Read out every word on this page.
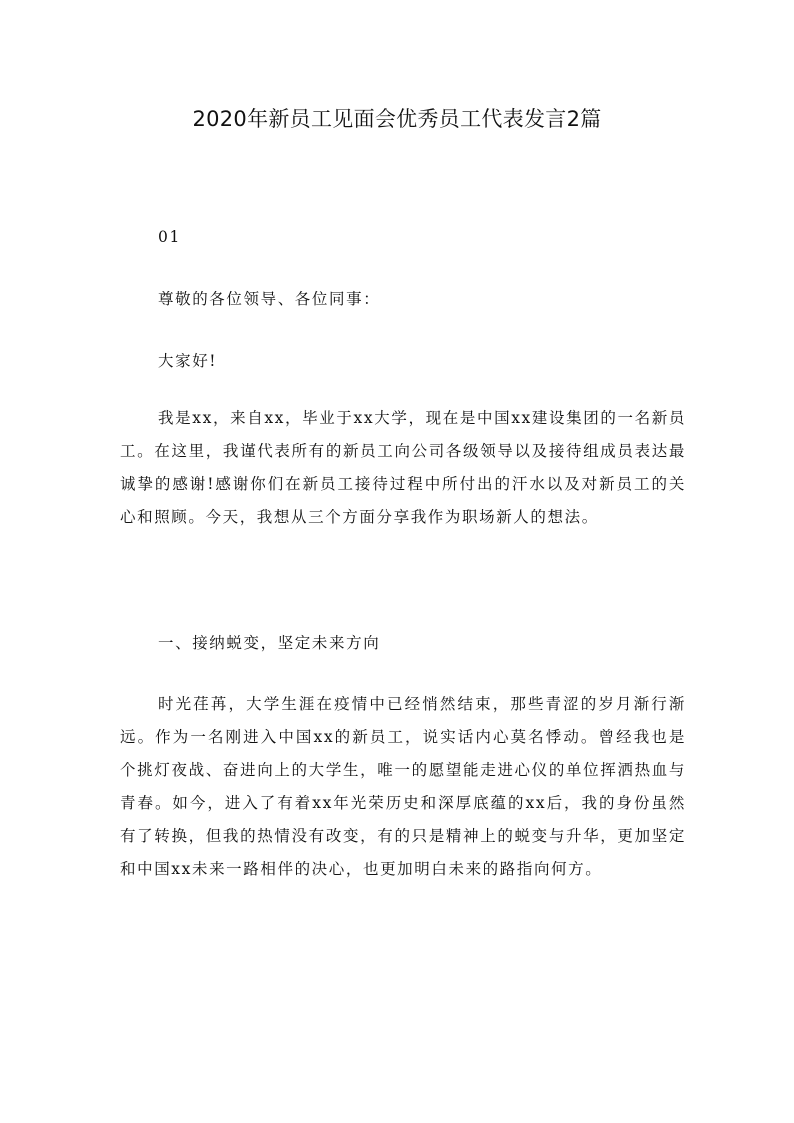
2020年新员工见面会优秀员工代表发言2篇

01

尊敬的各位领导、各位同事：

大家好!

我是xx，来自xx，毕业于xx大学，现在是中国xx建设集团的一名新员工。在这里，我谨代表所有的新员工向公司各级领导以及接待组成员表达最诚挚的感谢!感谢你们在新员工接待过程中所付出的汗水以及对新员工的关心和照顾。今天，我想从三个方面分享我作为职场新人的想法。

一、接纳蜕变，坚定未来方向

时光荏苒，大学生涯在疫情中已经悄然结束，那些青涩的岁月渐行渐远。作为一名刚进入中国xx的新员工，说实话内心莫名悸动。曾经我也是个挑灯夜战、奋进向上的大学生，唯一的愿望能走进心仪的单位挥洒热血与青春。如今，进入了有着xx年光荣历史和深厚底蕴的xx后，我的身份虽然有了转换，但我的热情没有改变，有的只是精神上的蜕变与升华，更加坚定和中国xx未来一路相伴的决心，也更加明白未来的路指向何方。
